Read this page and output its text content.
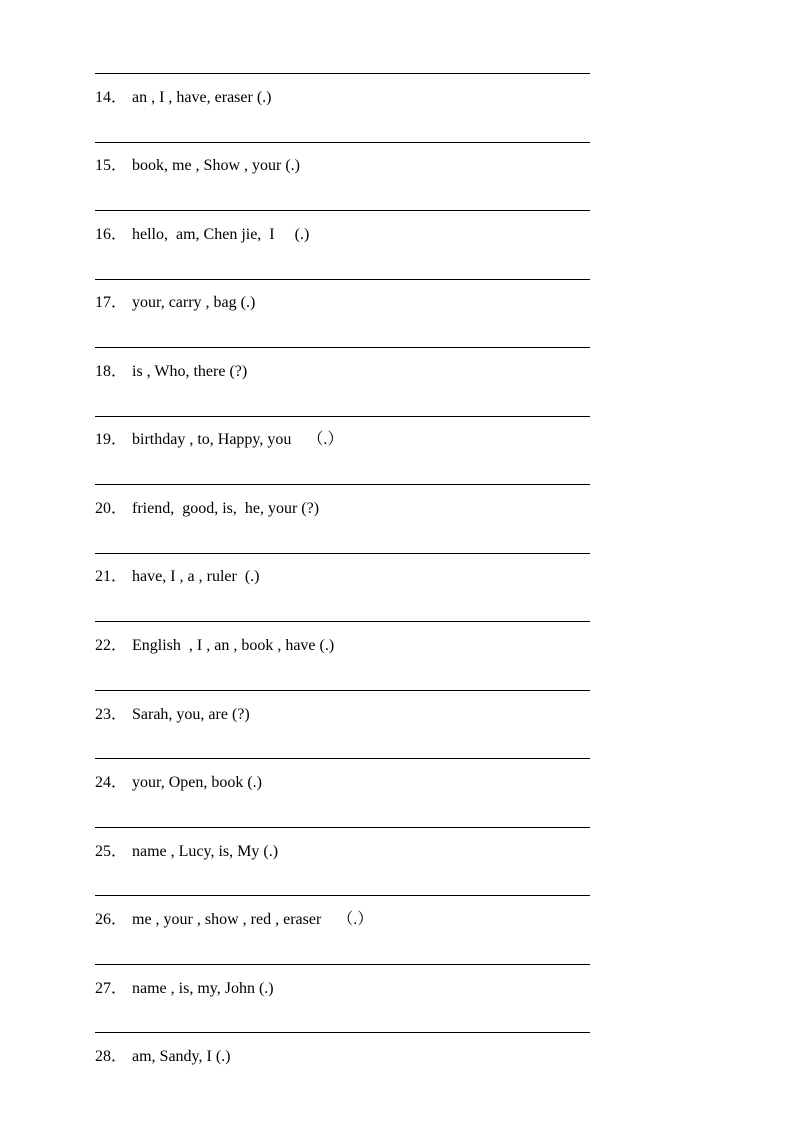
14． an , I , have, eraser (.)
15． book, me , Show , your (.)
16． hello,  am, Chen jie,  I     (.)
17． your, carry , bag (.)
18． is , Who, there (?)
19． birthday , to, Happy, you    （.）
20． friend,  good, is,  he, your (?)
21． have, I , a , ruler  (.)
22． English  , I , an , book , have (.)
23． Sarah, you, are (?)
24． your, Open, book (.)
25． name , Lucy, is, My (.)
26． me , your , show , red , eraser    （.）
27． name , is, my, John (.)
28． am, Sandy, I (.)
